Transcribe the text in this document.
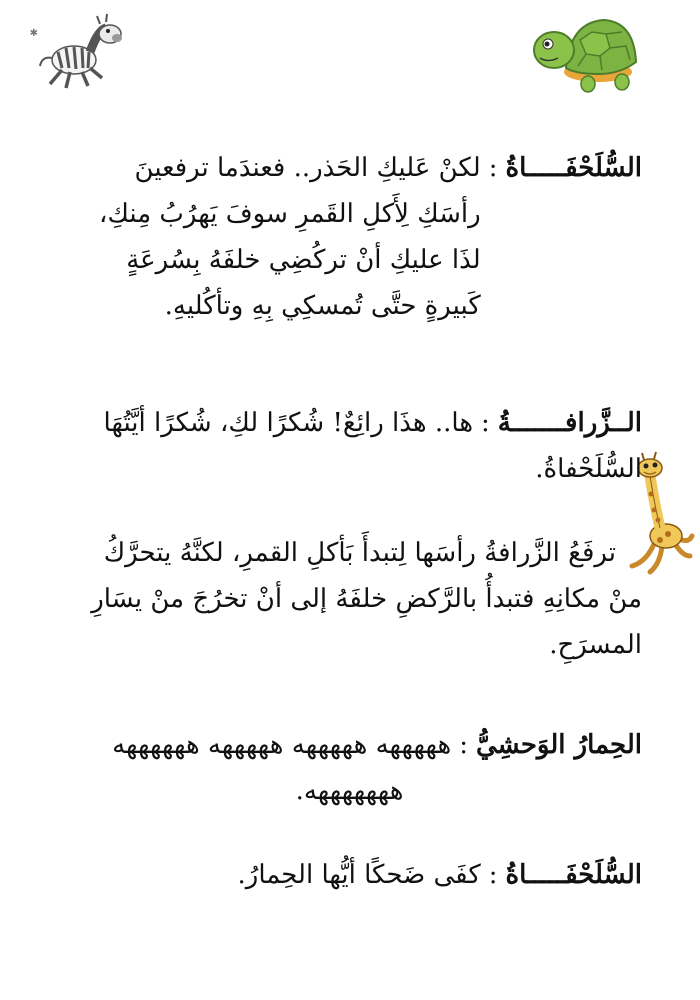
✱
السُّلَحْفَـــــاةُ
:
لكنْ عَليكِ الحَذر.. فعندَما ترفعينَ
رأسَكِ لِأَكلِ القَمرِ سوفَ يَهرُبُ مِنكِ،
لذَا عليكِ أنْ تركُضِي خلفَهُ بِسُرعَةٍ
كَبيرةٍ حتَّى تُمسكِي بِهِ وتأكُليهِ.
الــزَّرافـــــــةُ
:
ها.. هذَا رائِعٌ! شُكرًا لكِ، شُكرًا أيَّتُهَا
السُّلَحْفاةُ.
ترفَعُ الزَّرافةُ رأسَها لِتبدأَ بَأكلِ القمرِ، لكنَّهُ يتحرَّكُ
منْ مكانِهِ فتبدأُ بالرَّكضِ خلفَهُ إلى أنْ تخرُجَ منْ يسَارِ
المسرَحِ.
الحِمارُ الوَحشِيُّ
:
هههههه هههههه هههههه ههههههه
هههههههه.
السُّلَحْفَـــــاةُ
:
كفَى ضَحكًا أيُّها الحِمارُ.
